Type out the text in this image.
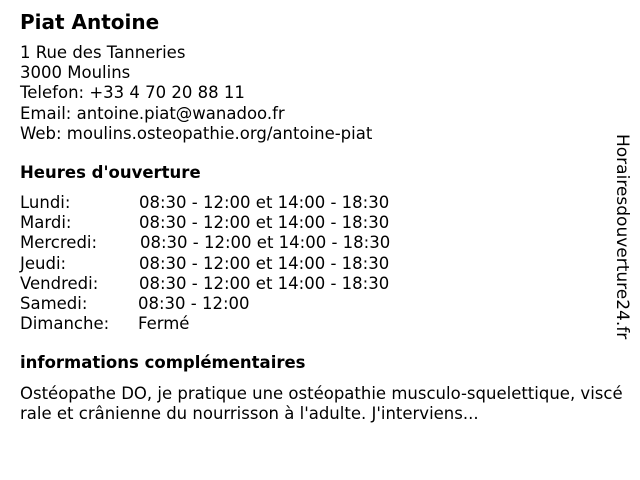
Piat Antoine
1 Rue des Tanneries
3000 Moulins
Telefon: +33 4 70 20 88 11
Email: antoine.piat@wanadoo.fr
Web: moulins.osteopathie.org/antoine-piat
Heures d'ouverture
Lundi:	08:30 - 12:00 et 14:00 - 18:30
Mardi:	08:30 - 12:00 et 14:00 - 18:30
Mercredi:	08:30 - 12:00 et 14:00 - 18:30
Jeudi:	08:30 - 12:00 et 14:00 - 18:30
Vendredi: 08:30 - 12:00 et 14:00 - 18:30
Samedi:	08:30 - 12:00
Dimanche: Fermé
informations complémentaires
Ostéopathe DO, je pratique une ostéopathie musculo-squelettique, viscérale et crânienne du nourrisson à l'adulte. J'interviens...
Horairesdouverture24.fr
